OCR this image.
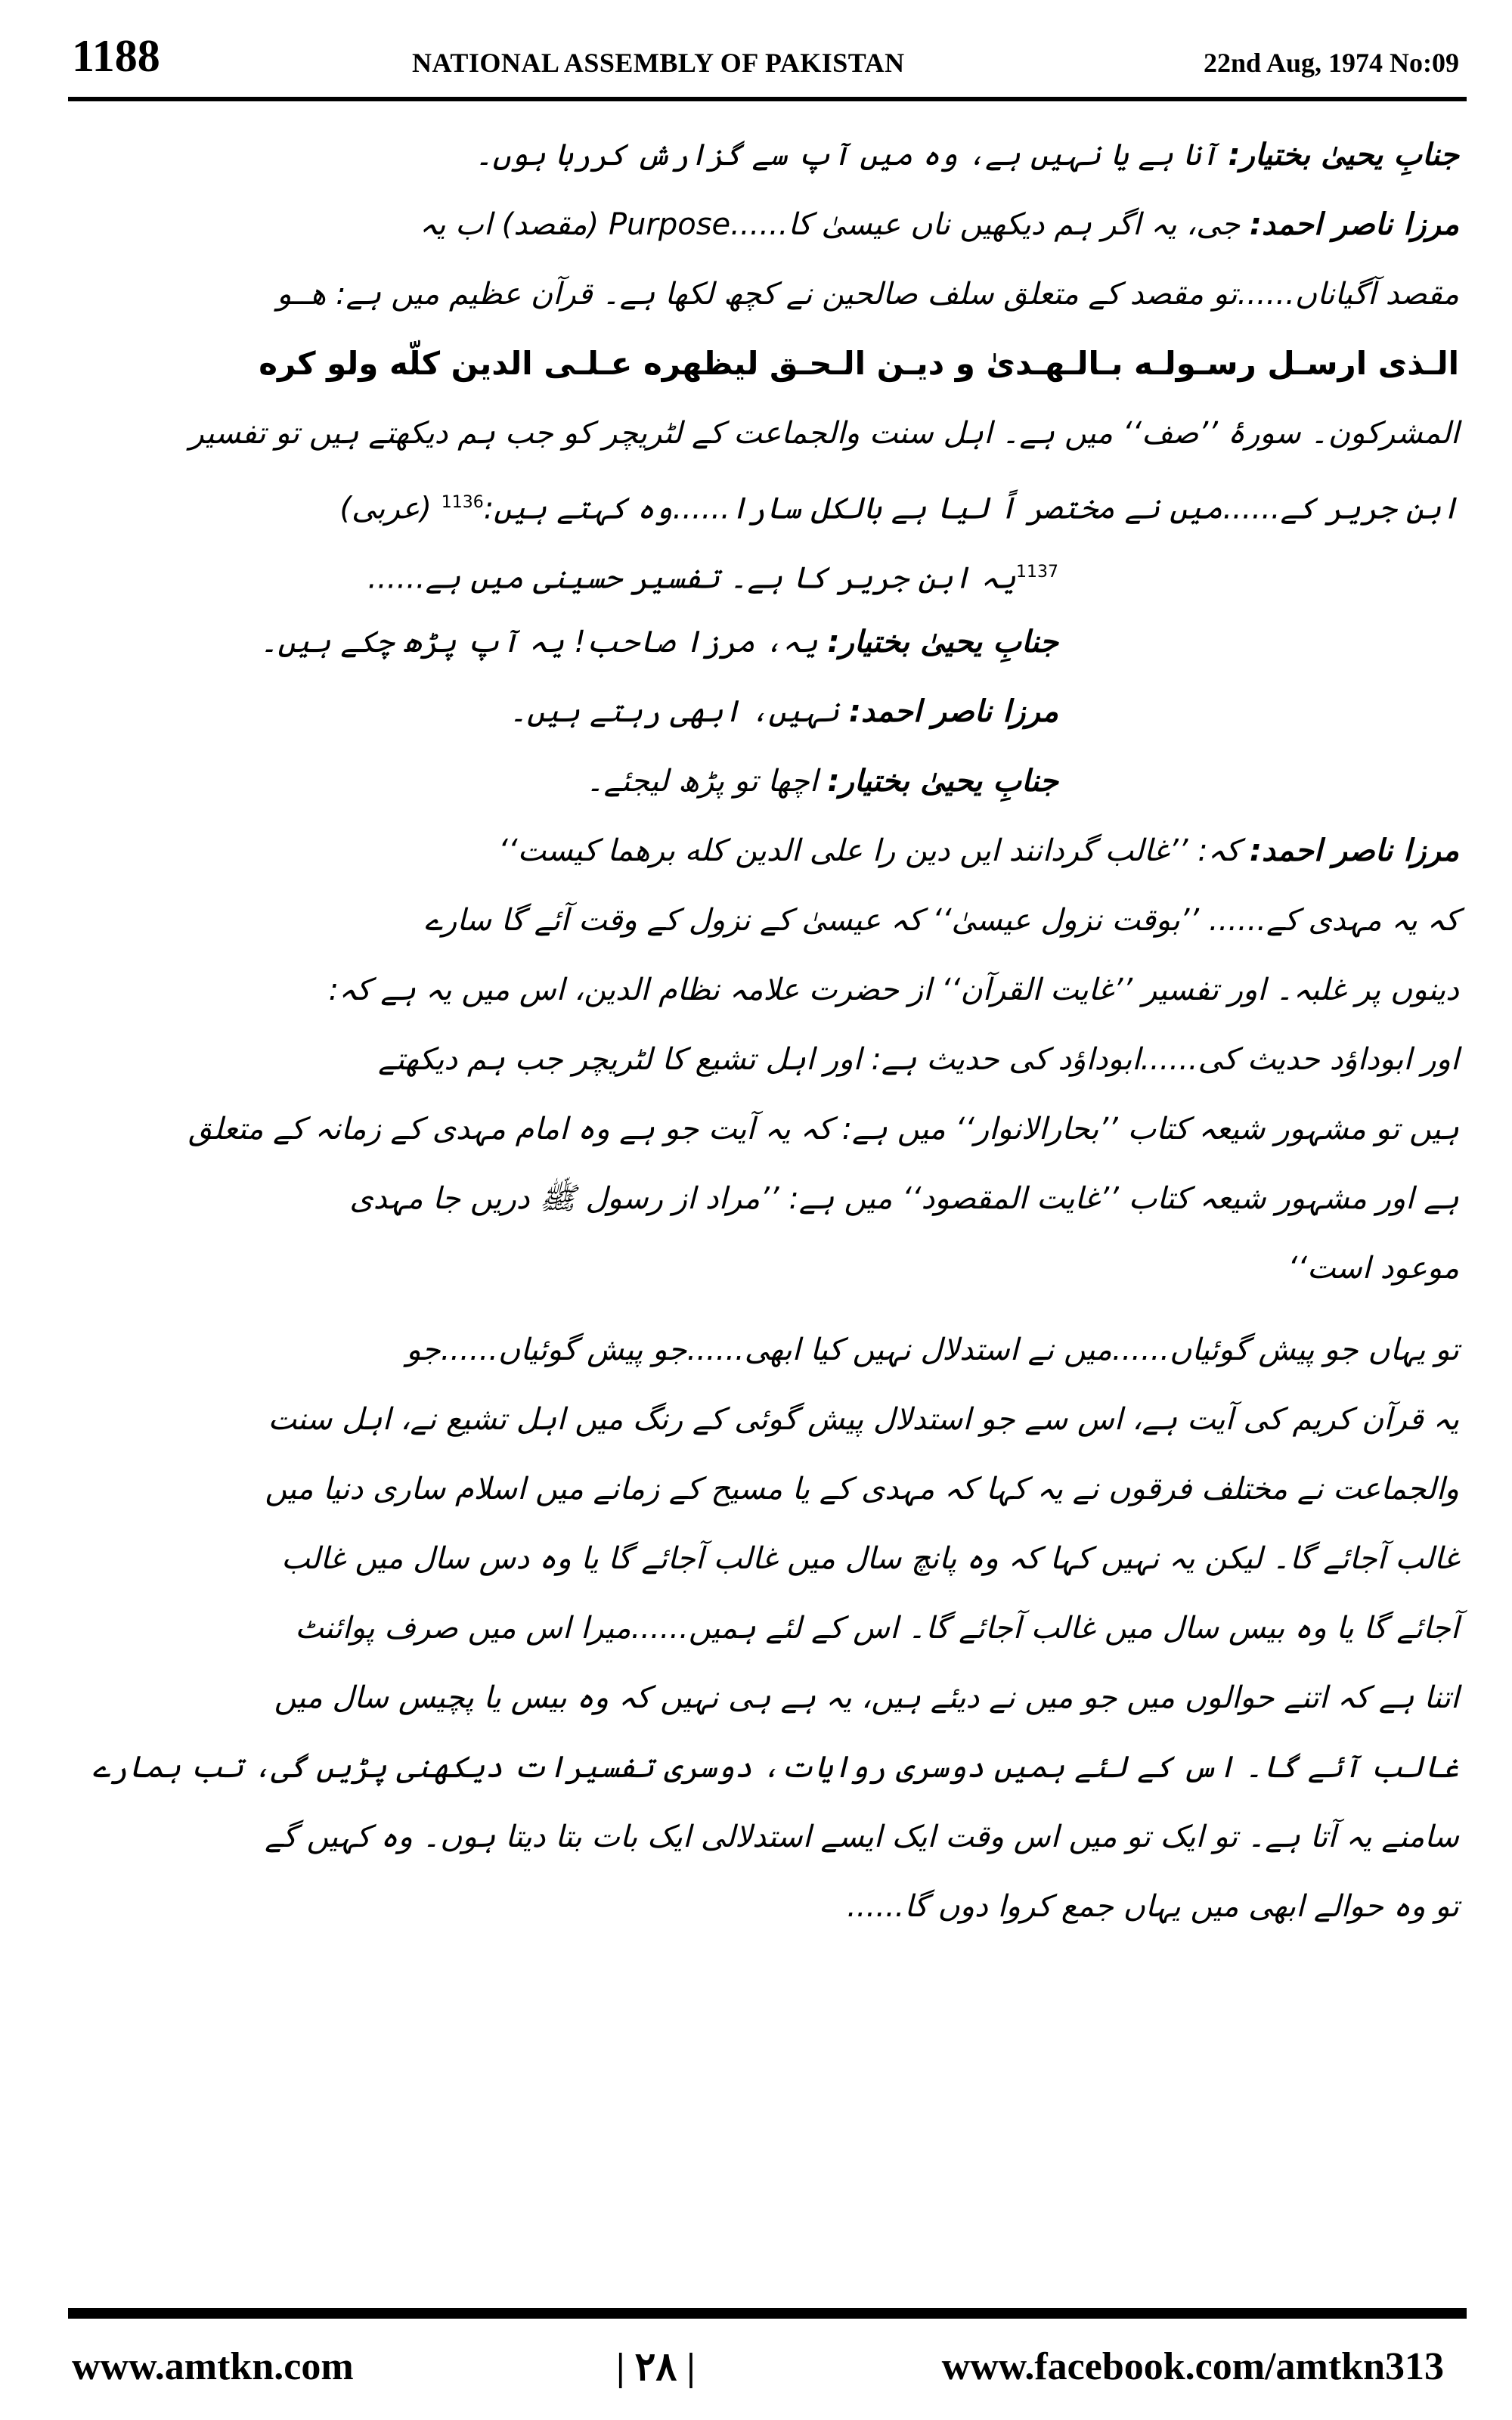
1188	NATIONAL ASSEMBLY OF PAKISTAN	22nd Aug, 1974 No:09
جنابِ یحییٰ بختیار: آنا ہے یا نہیں ہے، وہ میں آپ سے گزارش کررہا ہوں۔
مرزا ناصر احمد: جی، یہ اگر ہم دیکھیں ناں عیسیٰ کا......Purpose (مقصد) اب یہ
مقصد آگیاناں......تو مقصد کے متعلق سلف صالحین نے کچھ لکھا ہے۔ قرآن عظیم میں ہے: ھــو
الـذی ارسـل رسـولـه بـالـهـدیٰ و دیـن الـحـق لیظهره عـلـی الدین کلّه ولو کره
المشرکون۔ سورۂ ’’صف‘‘ میں ہے۔ اہل سنت والجماعت کے لٹریچر کو جب ہم دیکھتے ہیں تو تفسیر
ابن جریر کے......میں نے مختصر اً لیا ہے بالکل سارا......وہ کہتے ہیں:$^{1136}$ (عربی)
$^{1137}$یہ ابن جریر کا ہے۔ تفسیر حسینی میں ہے......
جنابِ یحییٰ بختیار: یہ، مرزا صاحب! یہ آپ پڑھ چکے ہیں۔
مرزا ناصر احمد: نہیں، ابھی رہتے ہیں۔
جنابِ یحییٰ بختیار: اچھا تو پڑھ لیجئے۔
مرزا ناصر احمد: کہ: ’’غالب گردانند ایں دین را علی الدین کله برهما کیست‘‘
کہ یہ مہدی کے...... ’’بوقت نزول عیسیٰ‘‘ کہ عیسیٰ کے نزول کے وقت آئے گا سارے
دینوں پر غلبہ۔ اور تفسیر ’’غایت القرآن‘‘ از حضرت علامہ نظام الدین، اس میں یہ ہے کہ:
اور ابوداؤد حدیث کی......ابوداؤد کی حدیث ہے: اور اہل تشیع کا لٹریچر جب ہم دیکھتے
ہیں تو مشہور شیعہ کتاب ’’بحارالانوار‘‘ میں ہے: کہ یہ آیت جو ہے وہ امام مہدی کے زمانہ کے متعلق
ہے اور مشہور شیعہ کتاب ’’غایت المقصود‘‘ میں ہے: ’’مراد از رسول ﷺ دریں جا مہدی
موعود است‘‘
تو یہاں جو پیش گوئیاں......میں نے استدلال نہیں کیا ابھی......جو پیش گوئیاں......جو
یہ قرآن کریم کی آیت ہے، اس سے جو استدلال پیش گوئی کے رنگ میں اہل تشیع نے، اہل سنت
والجماعت نے مختلف فرقوں نے یہ کہا کہ مہدی کے یا مسیح کے زمانے میں اسلام ساری دنیا میں
غالب آجائے گا۔ لیکن یہ نہیں کہا کہ وہ پانچ سال میں غالب آجائے گا یا وہ دس سال میں غالب
آجائے گا یا وہ بیس سال میں غالب آجائے گا۔ اس کے لئے ہمیں......میرا اس میں صرف پوائنٹ
اتنا ہے کہ اتنے حوالوں میں جو میں نے دیئے ہیں، یہ ہے ہی نہیں کہ وہ بیس یا پچیس سال میں
غالب آئے گا۔ اس کے لئے ہمیں دوسری روایات، دوسری تفسیرات دیکھنی پڑیں گی، تب ہمارے
سامنے یہ آتا ہے۔ تو ایک تو میں اس وقت ایک ایسے استدلالی ایک بات بتا دیتا ہوں۔ وہ کہیں گے
تو وہ حوالے ابھی میں یہاں جمع کروا دوں گا......
www.amtkn.com	| ۲۸ |	www.facebook.com/amtkn313
